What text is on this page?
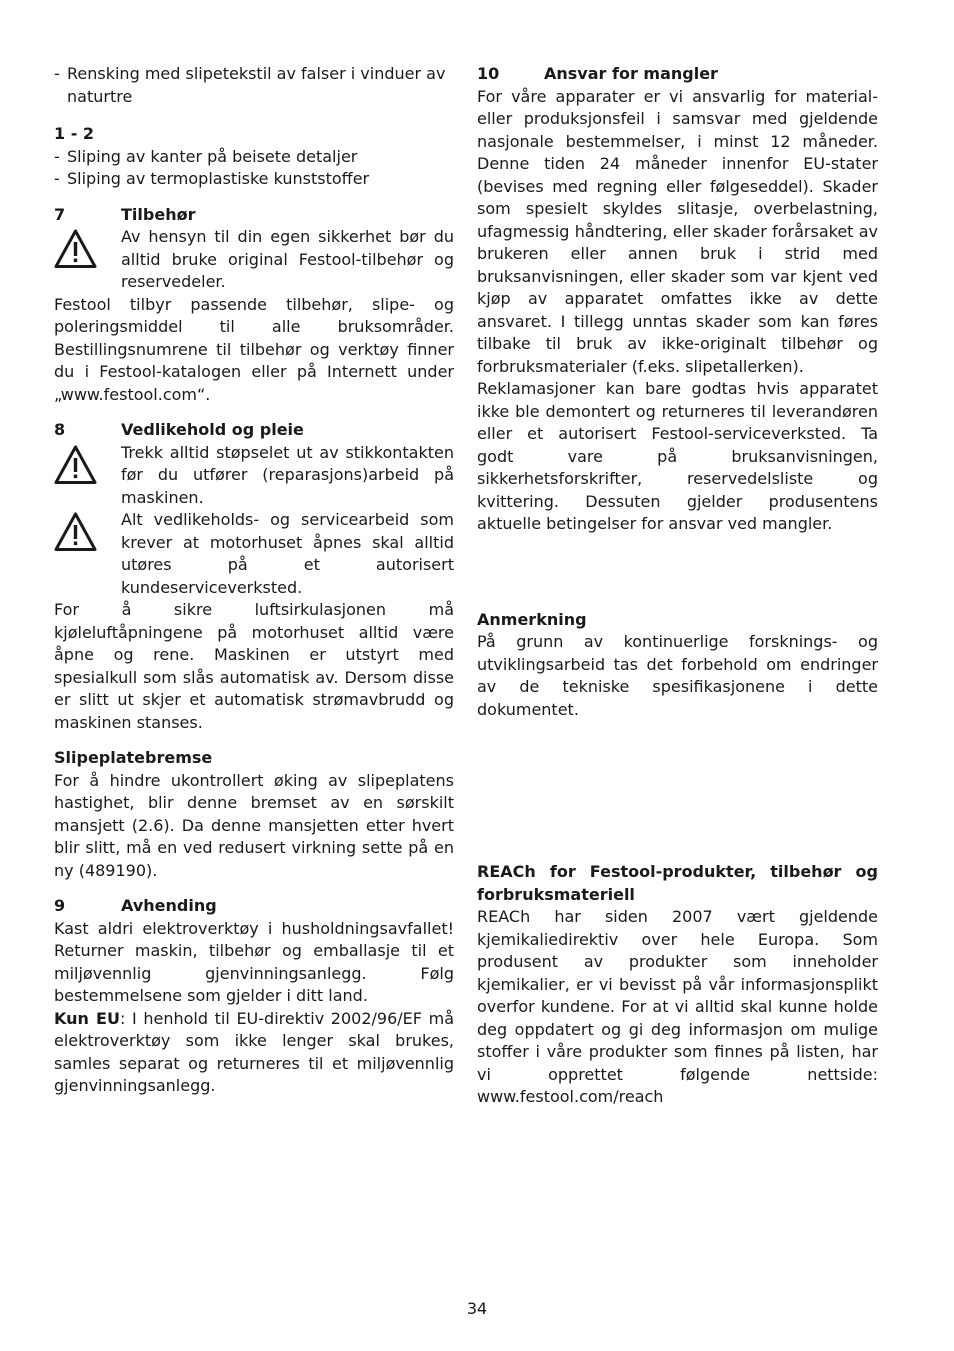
- Rensking med slipetekstil av falser i vinduer av naturtre
1 - 2
- Sliping av kanter på beisete detaljer
- Sliping av termoplastiske kunststoffer
7	Tilbehør

Av hensyn til din egen sikkerhet bør du alltid bruke original Festool-tilbehør og reservedeler.

Festool tilbyr passende tilbehør, slipe- og poleringsmiddel til alle bruksområder. Bestillingsnumrene til tilbehør og verktøy finner du i Festool-katalogen eller på Internett under „www.festool.com“.

8	Vedlikehold og pleie

Trekk alltid støpselet ut av stikkontakten før du utfører (reparasjons)arbeid på maskinen.

Alt vedlikeholds- og servicearbeid som krever at motorhuset åpnes skal alltid utøres på et autorisert kundeserviceverksted.

For å sikre luftsirkulasjonen må kjøleluftåpningene på motorhuset alltid være åpne og rene. Maskinen er utstyrt med spesialkull som slås automatisk av. Dersom disse er slitt ut skjer et automatisk strømavbrudd og maskinen stanses.

Slipeplatebremse

For å hindre ukontrollert øking av slipeplatens hastighet, blir denne bremset av en sørskilt mansjett (2.6). Da denne mansjetten etter hvert blir slitt, må en ved redusert virkning sette på en ny (489190).

9	Avhending

Kast aldri elektroverktøy i husholdningsavfallet! Returner maskin, tilbehør og emballasje til et miljøvennlig gjenvinningsanlegg. Følg bestemmelsene som gjelder i ditt land.

Kun EU: I henhold til EU-direktiv 2002/96/EF må elektroverktøy som ikke lenger skal brukes, samles separat og returneres til et miljøvennlig gjenvinningsanlegg.

10	Ansvar for mangler

For våre apparater er vi ansvarlig for material- eller produksjonsfeil i samsvar med gjeldende nasjonale bestemmelser, i minst 12 måneder. Denne tiden 24 måneder innenfor EU-stater (bevises med regning eller følgeseddel). Skader som spesielt skyldes slitasje, overbelastning, ufagmessig håndtering, eller skader forårsaket av brukeren eller annen bruk i strid med bruksanvisningen, eller skader som var kjent ved kjøp av apparatet omfattes ikke av dette ansvaret. I tillegg unntas skader som kan føres tilbake til bruk av ikke-originalt tilbehør og forbruksmaterialer (f.eks. slipetallerken).

Reklamasjoner kan bare godtas hvis apparatet ikke ble demontert og returneres til leverandøren eller et autorisert Festool-serviceverksted. Ta godt vare på bruksanvisningen, sikkerhetsforskrifter, reservedelsliste og kvittering. Dessuten gjelder produsentens aktuelle betingelser for ansvar ved mangler.

Anmerkning

På grunn av kontinuerlige forsknings- og utviklingsarbeid tas det forbehold om endringer av de tekniske spesifikasjonene i dette dokumentet.

REACh for Festool-produkter, tilbehør og forbruksmateriell

REACh har siden 2007 vært gjeldende kjemikaliedirektiv over hele Europa. Som produsent av produkter som inneholder kjemikalier, er vi bevisst på vår informasjonsplikt overfor kundene. For at vi alltid skal kunne holde deg oppdatert og gi deg informasjon om mulige stoffer i våre produkter som finnes på listen, har vi opprettet følgende nettside: www.festool.com/reach

34
